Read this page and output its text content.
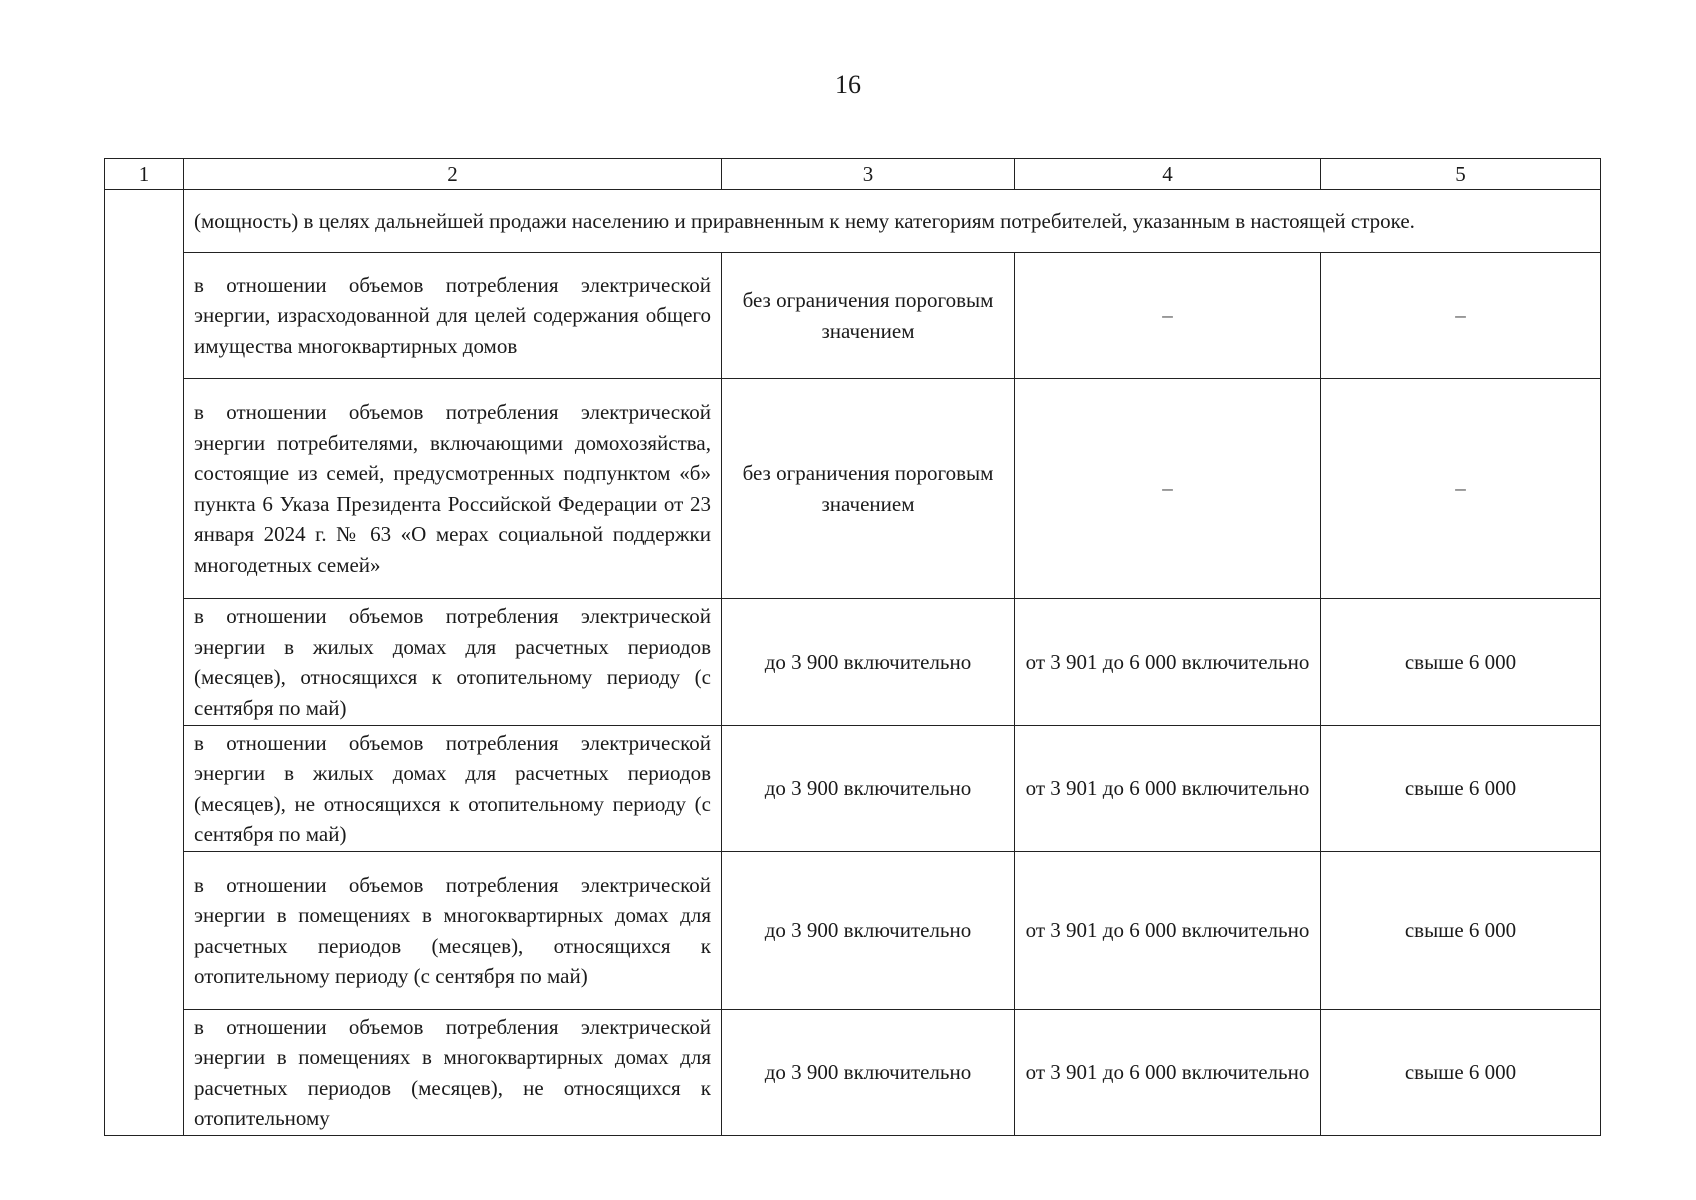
16
1	2	3	4	5
	(мощность) в целях дальнейшей продажи населению и приравненным к нему категориям потребителей, указанным в настоящей строке.			
	в отношении объемов потребления электрической энергии, израсходованной для целей содержания общего имущества многоквартирных домов	без ограничения пороговым значением	–	–
	в отношении объемов потребления электрической энергии потребителями, включающими домохозяйства, состоящие из семей, предусмотренных подпунктом «б» пункта 6 Указа Президента Российской Федерации от 23 января 2024 г. № 63 «О мерах социальной поддержки многодетных семей»	без ограничения пороговым значением	–	–
	в отношении объемов потребления электрической энергии в жилых домах для расчетных периодов (месяцев), относящихся к отопительному периоду (с сентября по май)	до 3 900 включительно	от 3 901 до 6 000 включительно	свыше 6 000
	в отношении объемов потребления электрической энергии в жилых домах для расчетных периодов (месяцев), не относящихся к отопительному периоду (с сентября по май)	до 3 900 включительно	от 3 901 до 6 000 включительно	свыше 6 000
	в отношении объемов потребления электрической энергии в помещениях в многоквартирных домах для расчетных периодов (месяцев), относящихся к отопительному периоду (с сентября по май)	до 3 900 включительно	от 3 901 до 6 000 включительно	свыше 6 000
	в отношении объемов потребления электрической энергии в помещениях в многоквартирных домах для расчетных периодов (месяцев), не относящихся к отопительному	до 3 900 включительно	от 3 901 до 6 000 включительно	свыше 6 000
